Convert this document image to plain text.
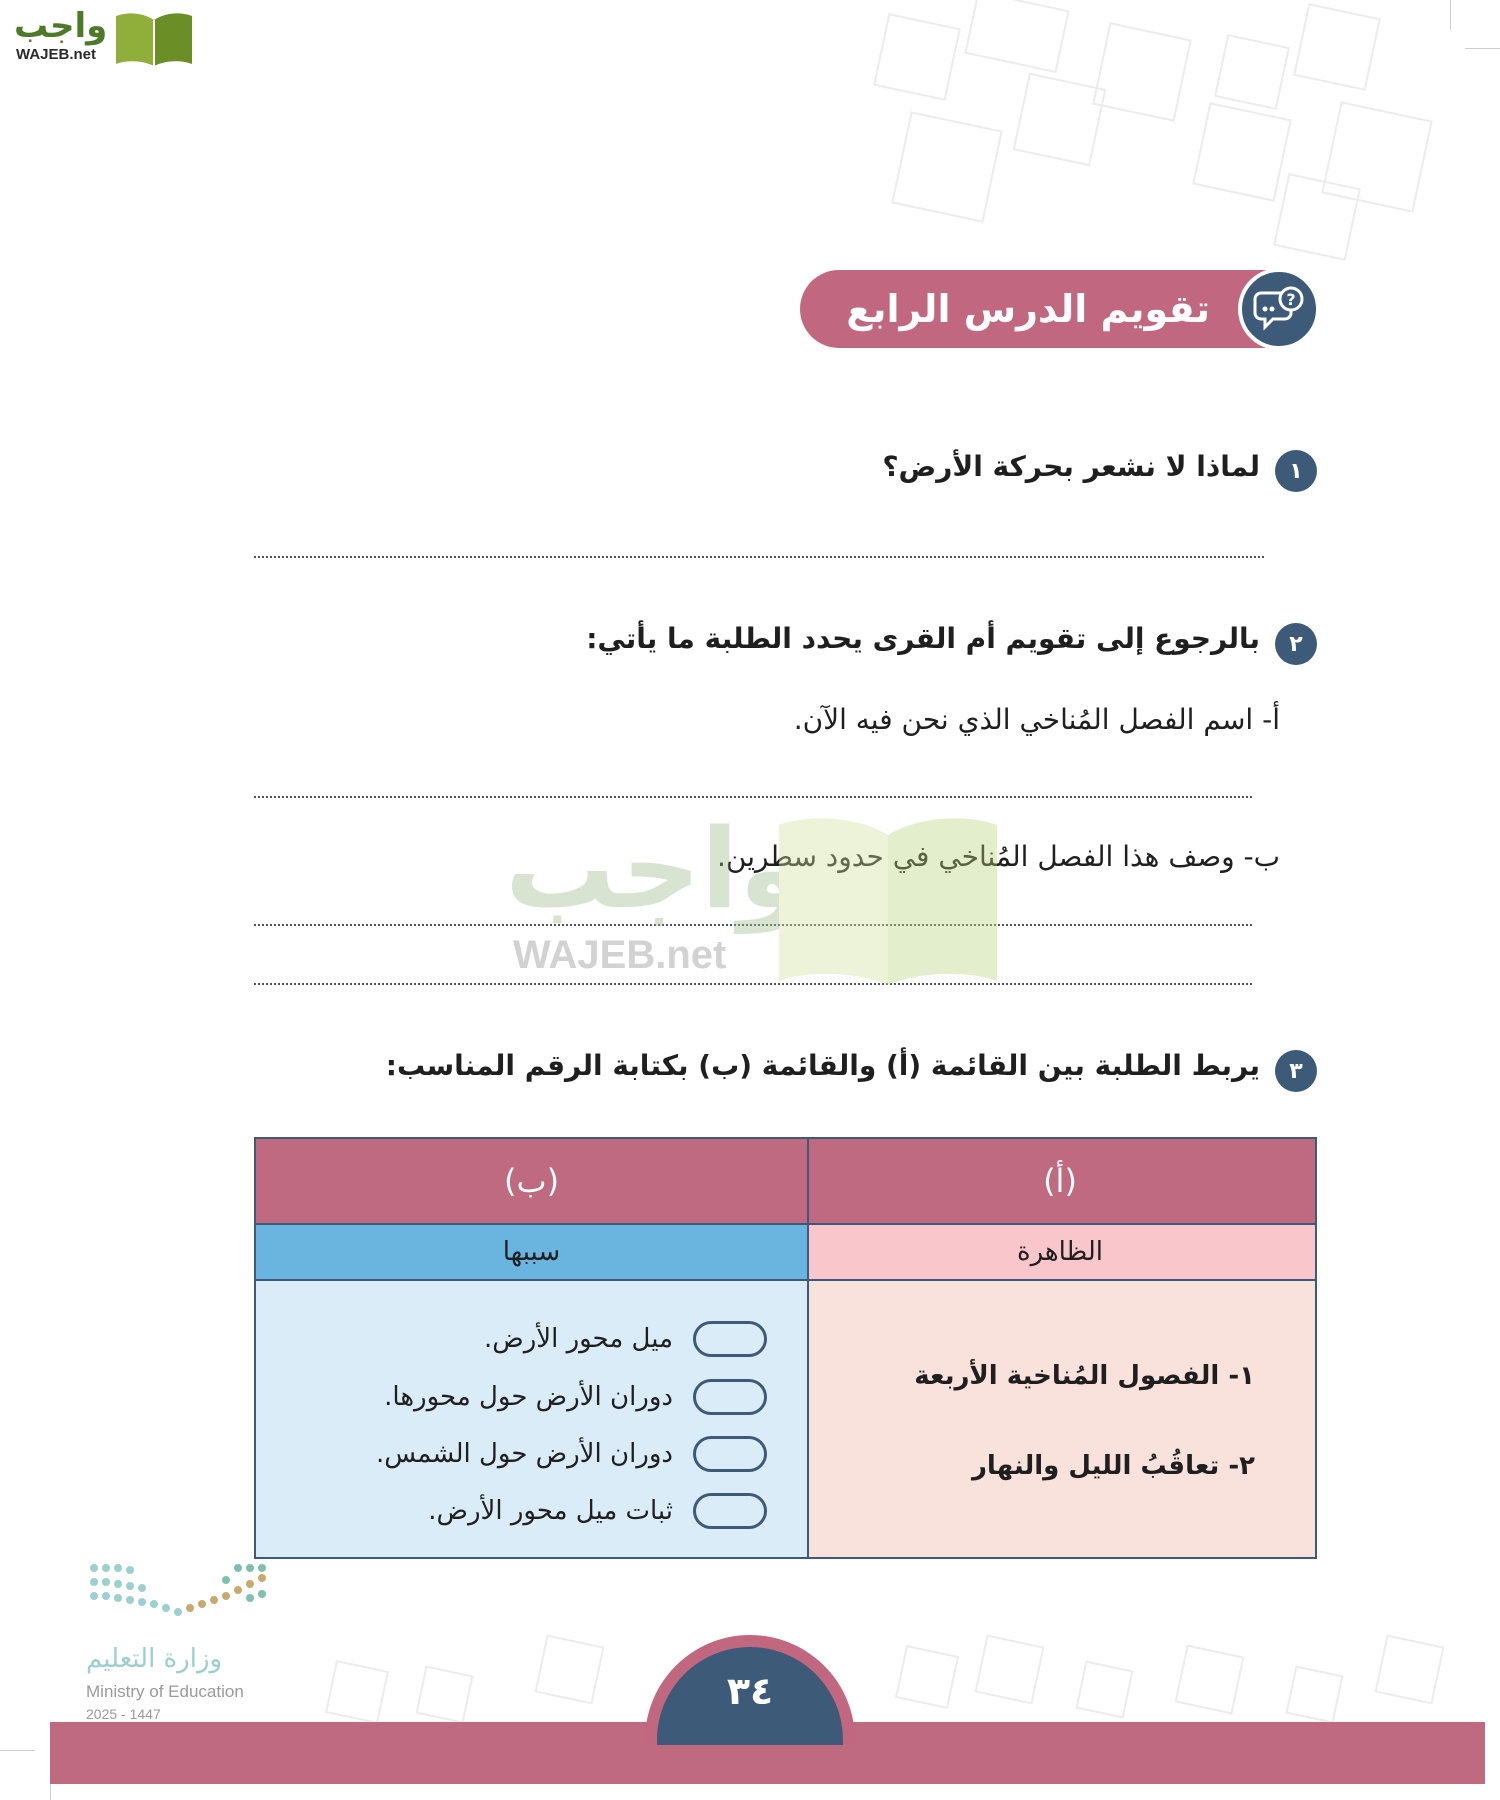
واجب
WAJEB.net
تقويم الدرس الرابع	?
١
لماذا لا نشعر بحركة الأرض؟
٢
بالرجوع إلى تقويم أم القرى يحدد الطلبة ما يأتي:
أ- اسم الفصل المُناخي الذي نحن فيه الآن.
ب- وصف هذا الفصل المُناخي في حدود سطرين.
واجب
WAJEB.net
٣
يربط الطلبة بين القائمة (أ) والقائمة (ب) بكتابة الرقم المناسب:
(أ)
الظاهرة
١- الفصول المُناخية الأربعة
٢- تعاقُبُ الليل والنهار
(ب)
سببها
ميل محور الأرض.
دوران الأرض حول محورها.
دوران الأرض حول الشمس.
ثبات ميل محور الأرض.
وزارة التعليم
Ministry of Education
2025 - 1447
٣٤
